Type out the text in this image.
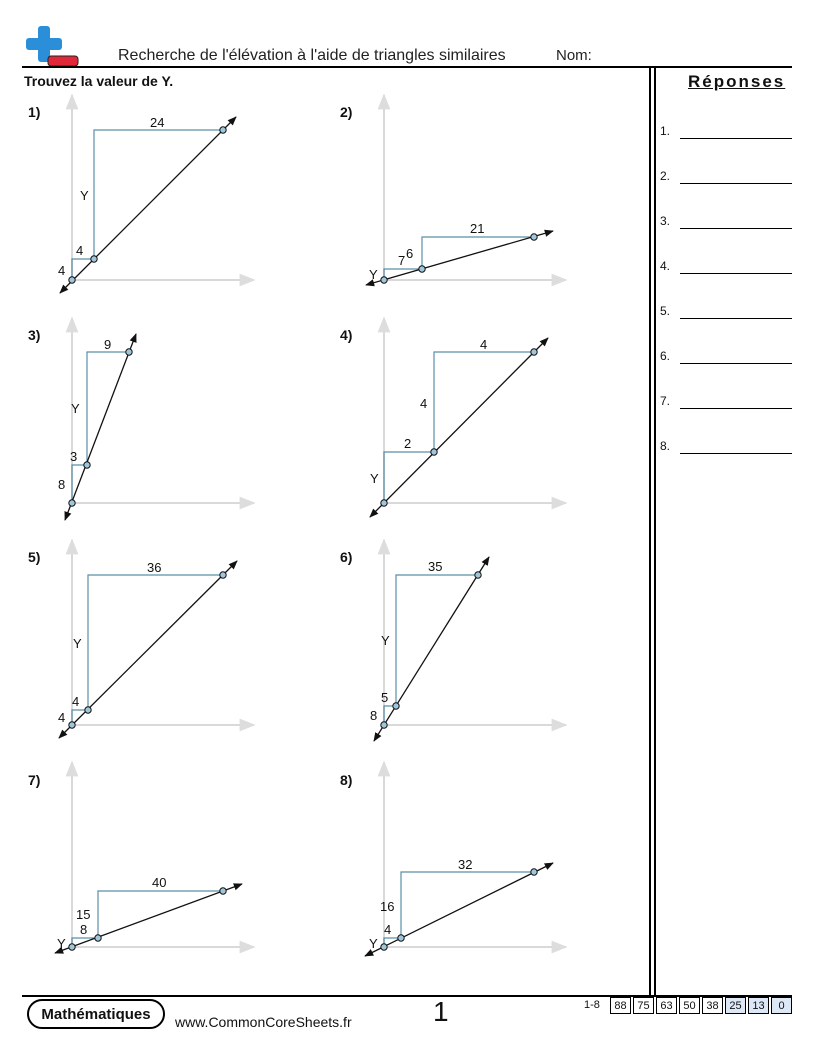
Recherche de l'élévation à l'aide de triangles similaires	Nom:
Trouvez la valeur de Y.	Réponses
1.
2.
3.
4.
5.
6.
7.
8.
1)	2)
3)	4)
5)	6)
7)	8)
4
4
24
Y
7
Y
21
6
3
8
9
Y
2
Y
4
4
4
4
36
Y
5
8
35
Y
8
Y
40
15
4
Y
32
16
Mathématiques	www.CommonCoreSheets.fr	1	1-8	88 75 63 50 38 25 13	0
